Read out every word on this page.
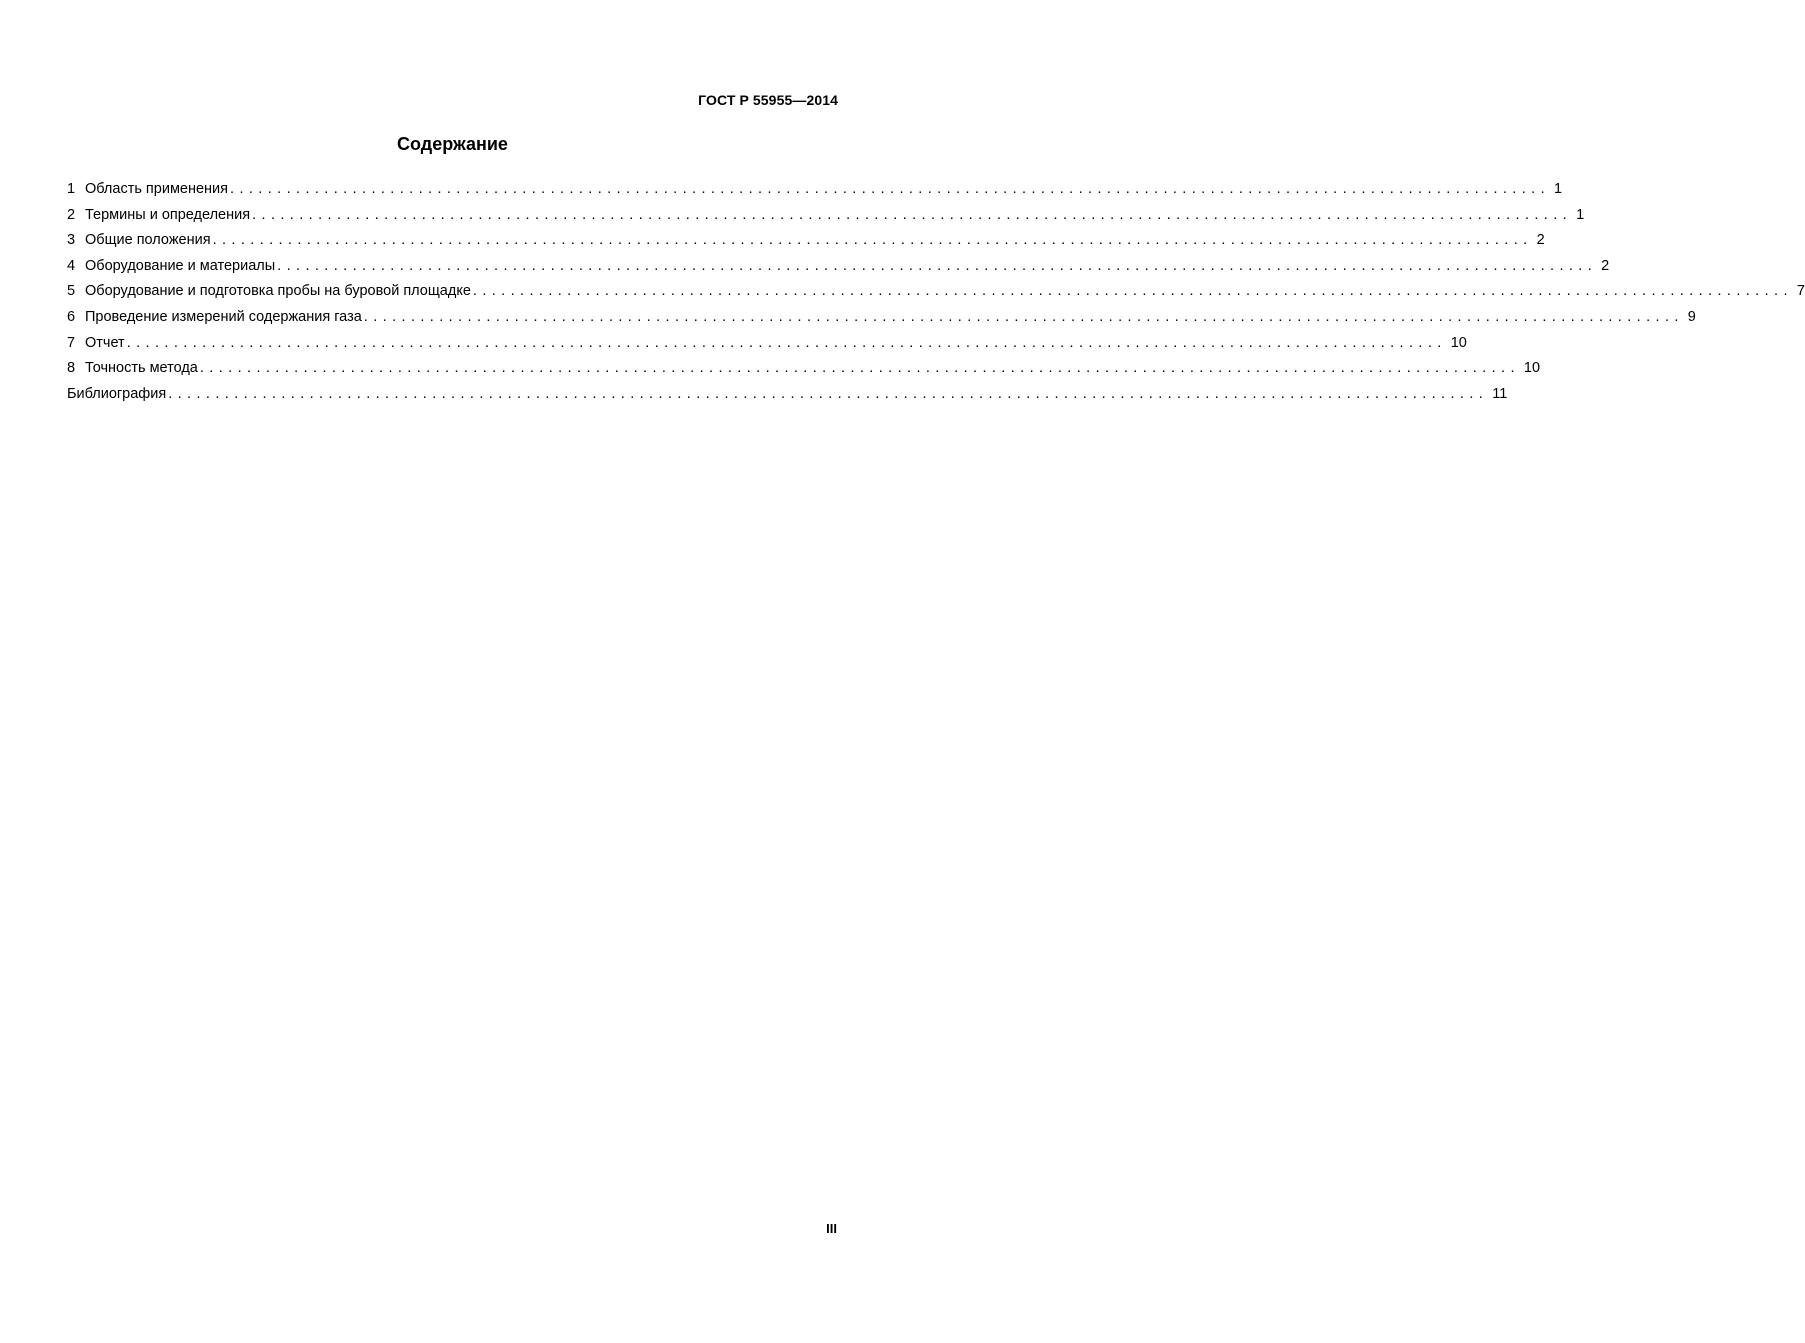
ГОСТ Р 55955—2014
Содержание
1 Область применения ............................................................................................................................................ 1
2 Термины и определения ............................................................................................................................................ 1
3 Общие положения ............................................................................................................................................ 2
4 Оборудование и материалы ............................................................................................................................................ 2
5 Оборудование и подготовка пробы на буровой площадке ............................................................................................................................................ 7
6 Проведение измерений содержания газа ............................................................................................................................................ 9
7 Отчет ............................................................................................................................................ 10
8 Точность метода ............................................................................................................................................ 10
Библиография ............................................................................................................................................ 11
III
